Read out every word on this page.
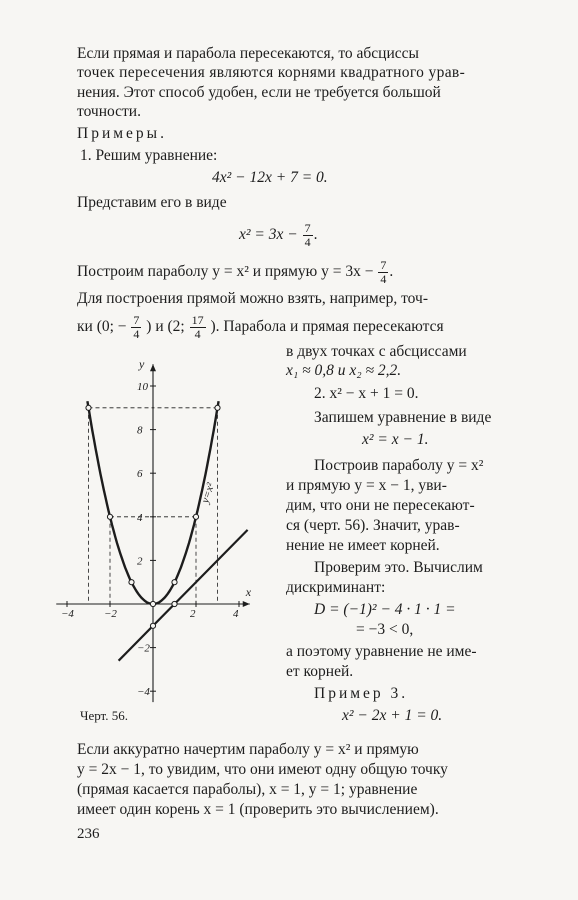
Если прямая и парабола пересекаются, то абсциссы
точек пересечения являются корнями квадратного урав-
нения. Этот способ удобен, если не требуется большой
точности.
Примеры.
1. Решим уравнение:
4x² − 12x + 7 = 0.
Представим его в виде
$x^2 = 3x - \frac{7}{4}$ .
Построим параболу y = x² и прямую $y = 3x - \frac{7}{4}$ .
Для построения прямой можно взять, например, точ-
ки (0; − $\frac{7}{4}$ ) и (2; $\frac{17}{4}$ ). Парабола и прямая пересекаются
в двух точках с абсциссами
x₁ ≈ 0,8 и x₂ ≈ 2,2.
2. x² − x + 1 = 0.
Запишем уравнение в виде
x² = x − 1.
Построив параболу y = x²
и прямую y = x − 1, уви-
дим, что они не пересекают-
ся (черт. 56). Значит, урав-
нение не имеет корней.
Проверим это. Вычислим
дискриминант:
D = (−1)² − 4 · 1 · 1 =
= −3 < 0,
а поэтому уравнение не име-
ет корней.
Пример 3.
x² − 2x + 1 = 0.
Если аккуратно начертим параболу y = x² и прямую
y = 2x − 1, то увидим, что они имеют одну общую точку
(прямая касается параболы), x = 1, y = 1; уравнение
имеет один корень x = 1 (проверить это вычислением).
x
y
−4	−2	2	4
10
8
6
4
2
−2
−4
y=x²
Черт. 56.
236
